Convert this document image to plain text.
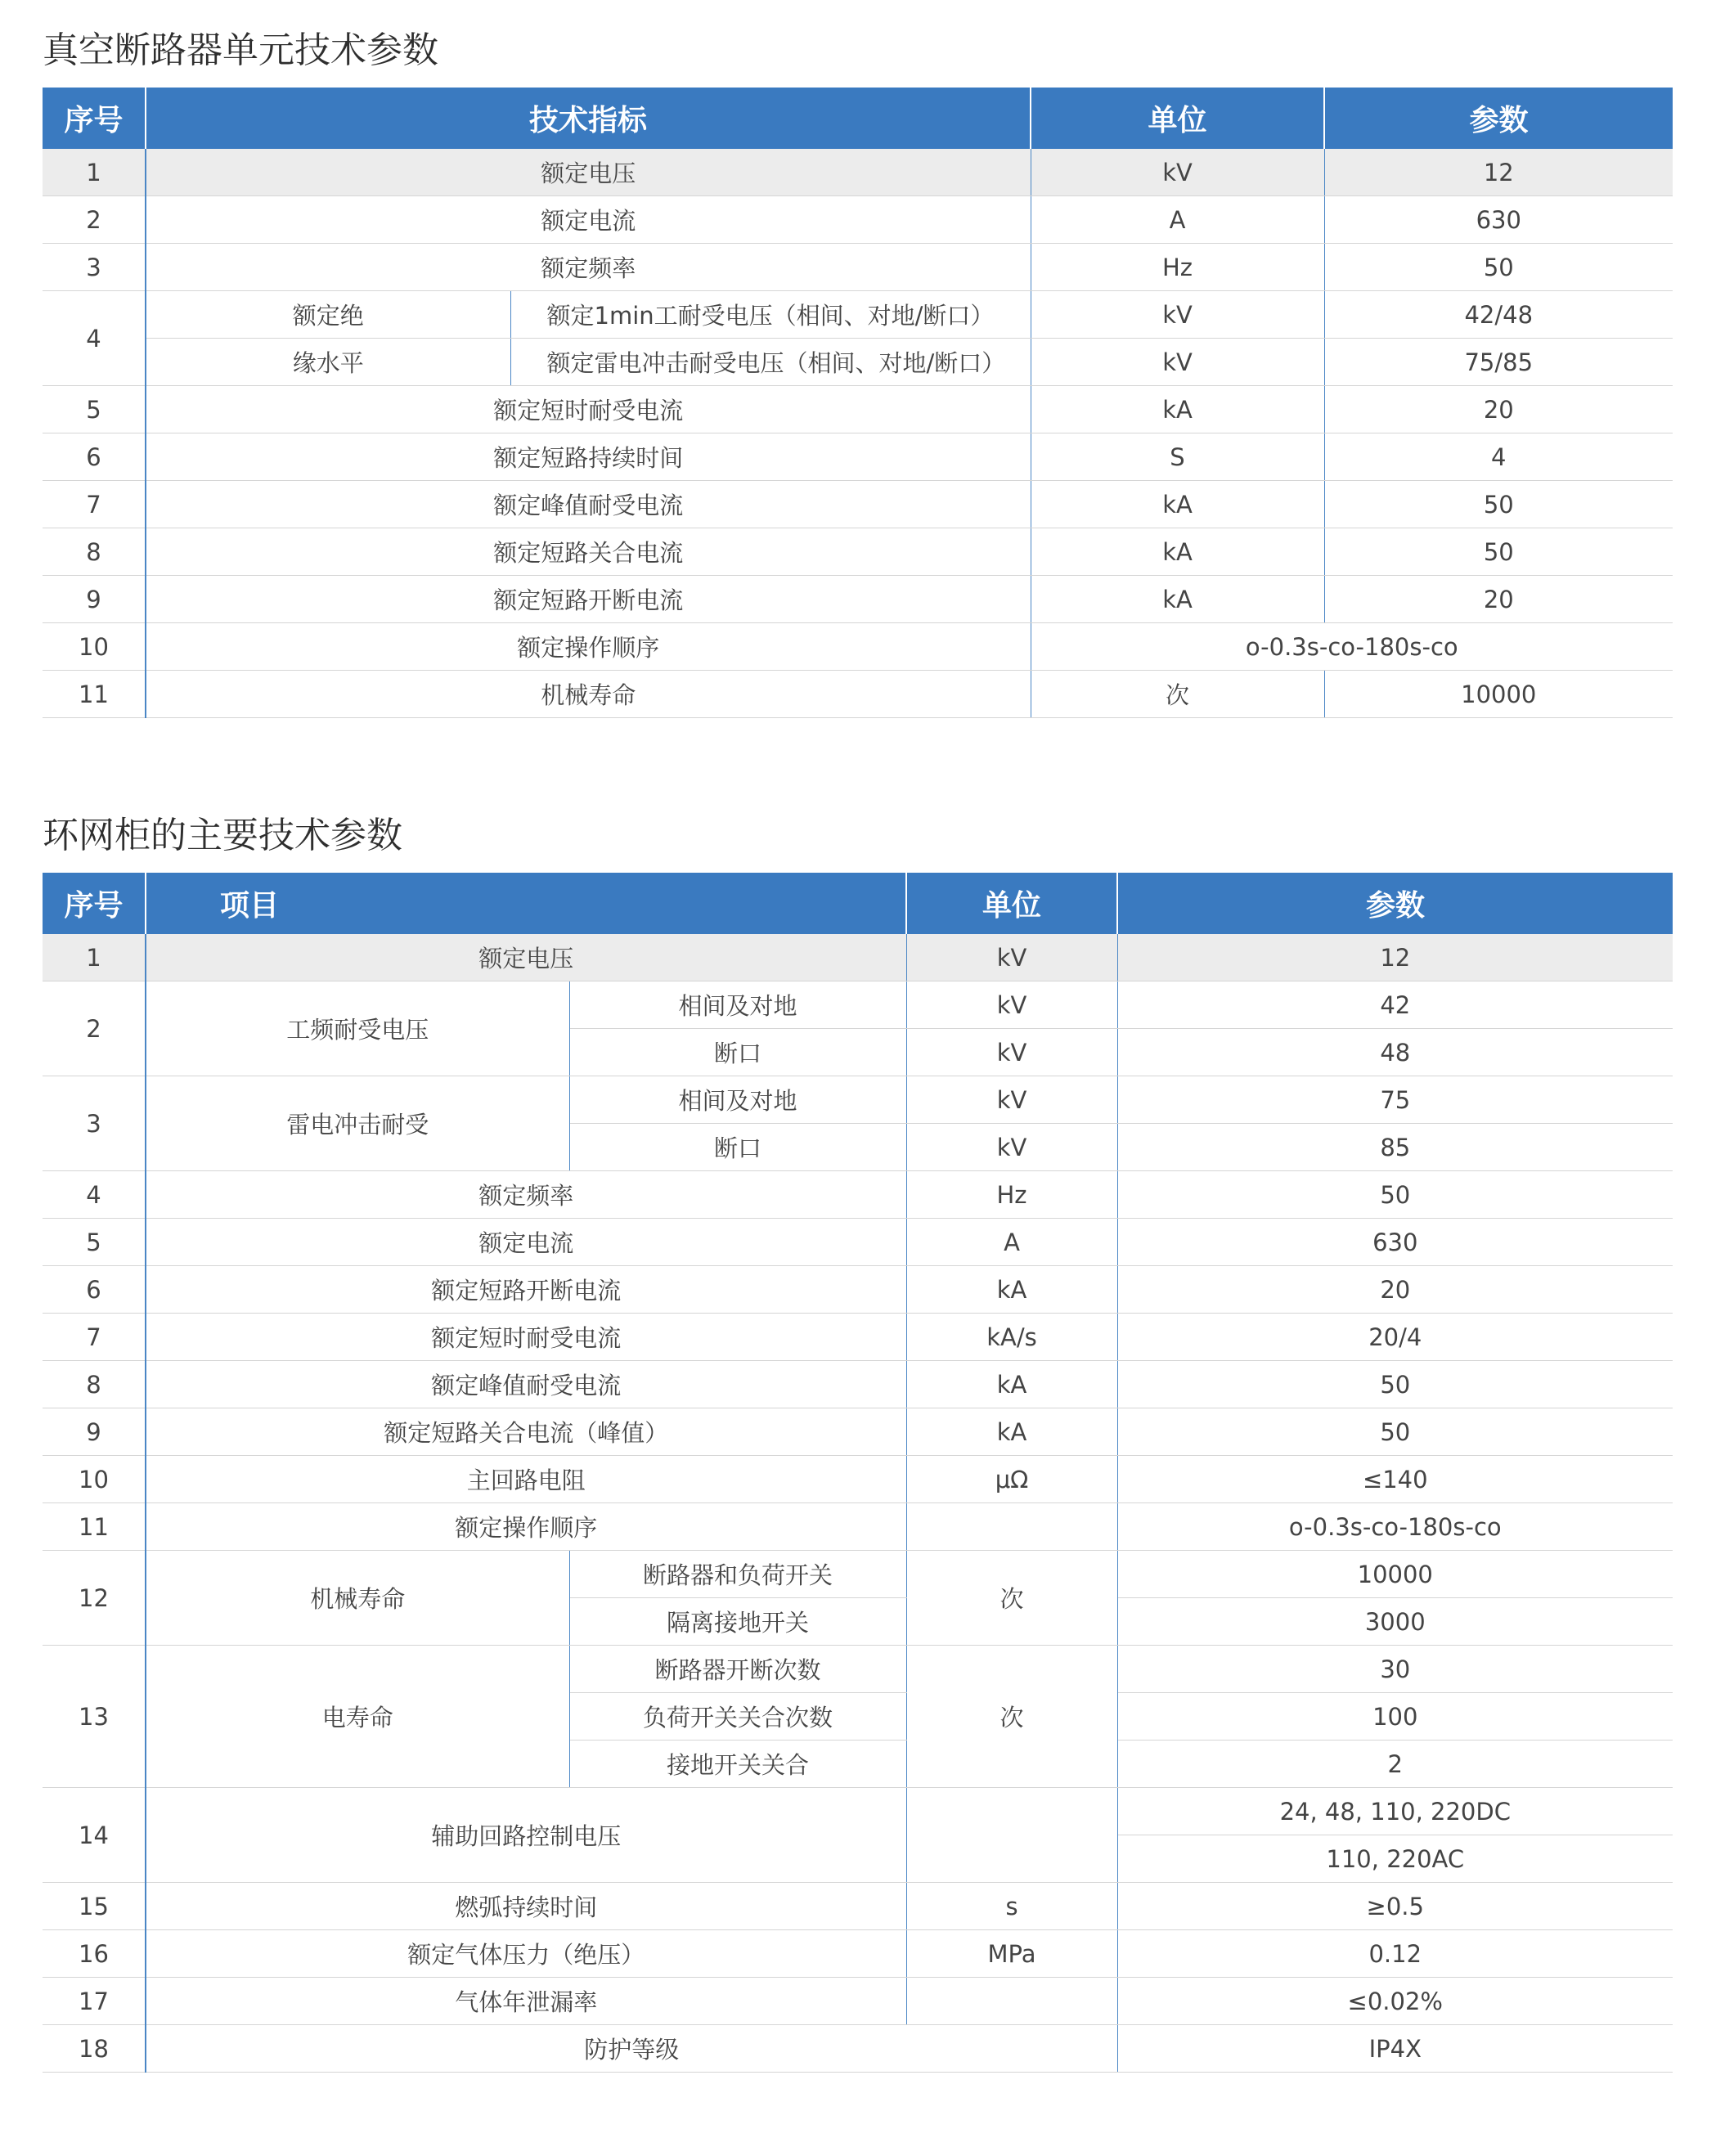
真空断路器单元技术参数
序号	技术指标		单位	参数
1	额定电压		kV	12
2	额定电流		A	630
3	额定频率		Hz	50
4	额定绝	额定1min工耐受电压（相间、对地/断口）	kV	42/48
	缘水平	额定雷电冲击耐受电压（相间、对地/断口）	kV	75/85
5	额定短时耐受电流		kA	20
6	额定短路持续时间		S	4
7	额定峰值耐受电流		kA	50
8	额定短路关合电流		kA	50
9	额定短路开断电流		kA	20
10	额定操作顺序		o-0.3s-co-180s-co	
11	机械寿命		次	10000
环网柜的主要技术参数
序号	项目		单位	参数
1	额定电压		kV	12
2	工频耐受电压	相间及对地	kV	42
		断口	kV	48
3	雷电冲击耐受	相间及对地	kV	75
		断口	kV	85
4	额定频率		Hz	50
5	额定电流		A	630
6	额定短路开断电流		kA	20
7	额定短时耐受电流		kA/s	20/4
8	额定峰值耐受电流		kA	50
9	额定短路关合电流（峰值）		kA	50
10	主回路电阻		μΩ	≤140
11	额定操作顺序			o-0.3s-co-180s-co
12	机械寿命	断路器和负荷开关	次	10000
		隔离接地开关		3000
13	电寿命	断路器开断次数	次	30
		负荷开关关合次数		100
		接地开关关合		2
14	辅助回路控制电压			24, 48, 110, 220DC
				110, 220AC
15	燃弧持续时间		s	≥0.5
16	额定气体压力（绝压）		MPa	0.12
17	气体年泄漏率			≤0.02%
18	防护等级			IP4X
